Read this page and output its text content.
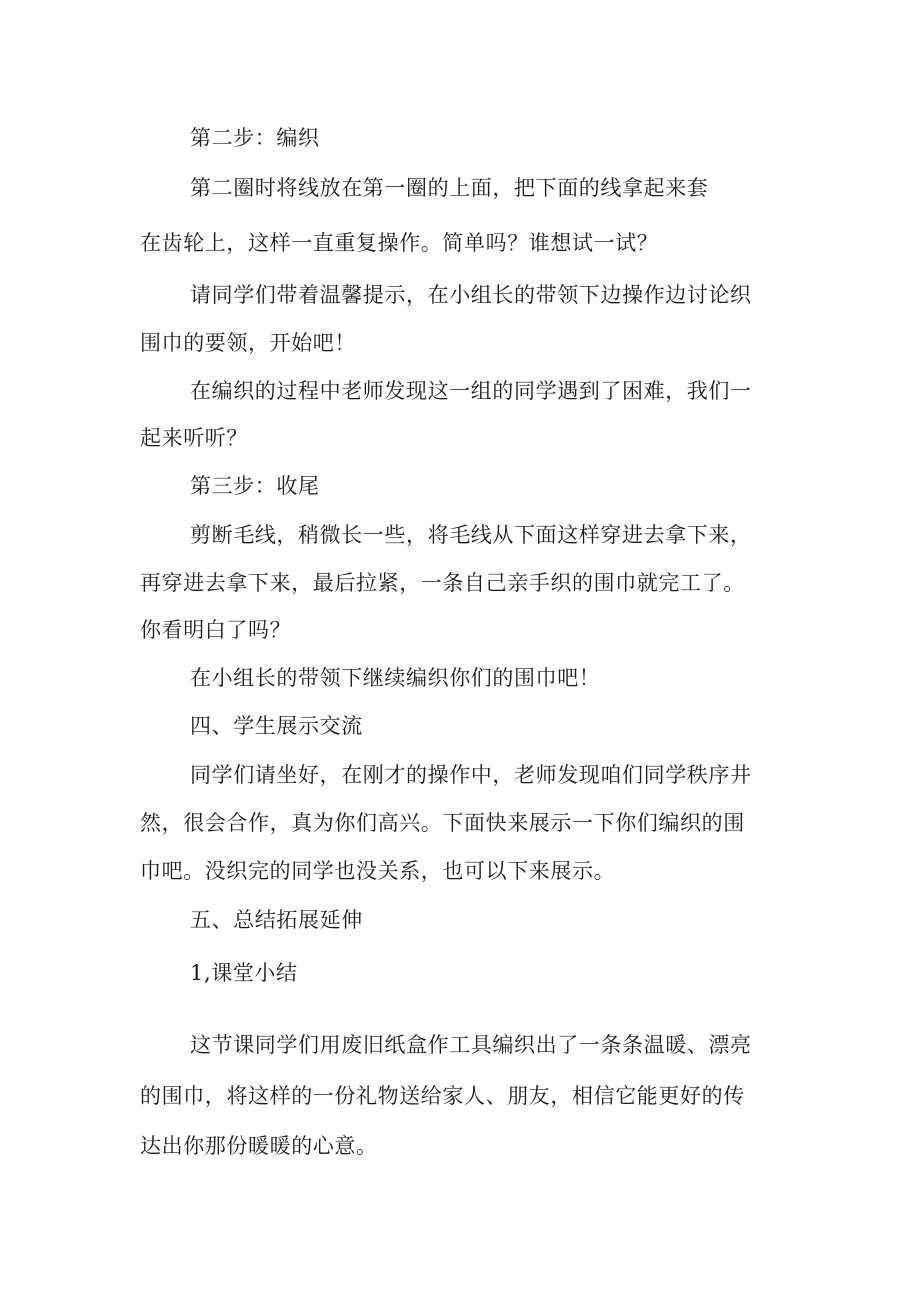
第二步：编织

第二圈时将线放在第一圈的上面，把下面的线拿起来套

在齿轮上，这样一直重复操作。简单吗？谁想试一试？

请同学们带着温馨提示，在小组长的带领下边操作边讨论织

围巾的要领，开始吧！

在编织的过程中老师发现这一组的同学遇到了困难，我们一

起来听听？

第三步：收尾

剪断毛线，稍微长一些，将毛线从下面这样穿进去拿下来，

再穿进去拿下来，最后拉紧，一条自己亲手织的围巾就完工了。

你看明白了吗？

在小组长的带领下继续编织你们的围巾吧！

四、学生展示交流

同学们请坐好，在刚才的操作中，老师发现咱们同学秩序井

然，很会合作，真为你们高兴。下面快来展示一下你们编织的围

巾吧。没织完的同学也没关系，也可以下来展示。

五、总结拓展延伸

1,课堂小结

这节课同学们用废旧纸盒作工具编织出了一条条温暖、漂亮

的围巾，将这样的一份礼物送给家人、朋友，相信它能更好的传

达出你那份暖暖的心意。
